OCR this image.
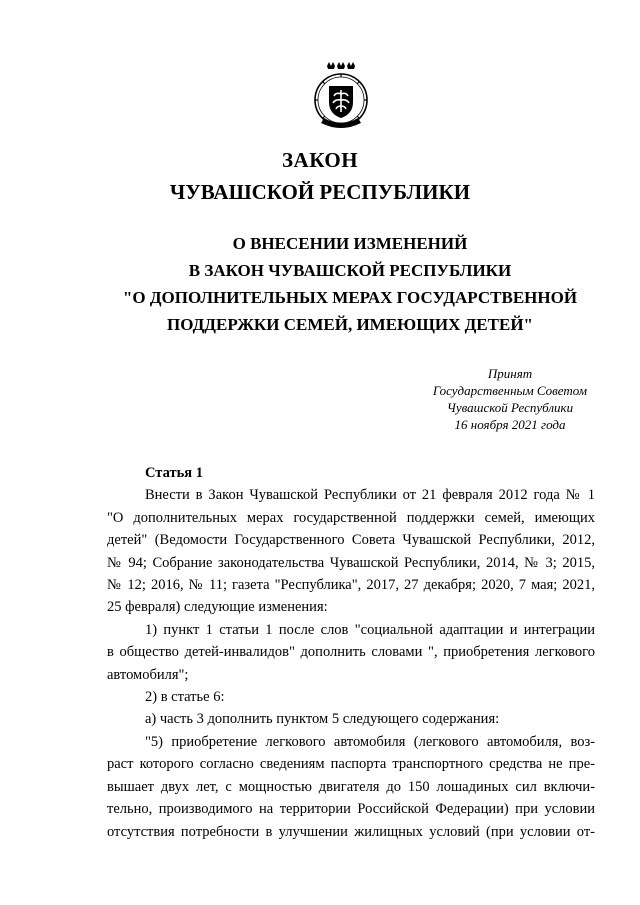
ЗАКОН
ЧУВАШСКОЙ РЕСПУБЛИКИ
О ВНЕСЕНИИ ИЗМЕНЕНИЙ
В ЗАКОН ЧУВАШСКОЙ РЕСПУБЛИКИ
"О ДОПОЛНИТЕЛЬНЫХ МЕРАХ ГОСУДАРСТВЕННОЙ
ПОДДЕРЖКИ СЕМЕЙ, ИМЕЮЩИХ ДЕТЕЙ"
Принят
Государственным Советом
Чувашской Республики
16 ноября 2021 года
Статья 1
Внести в Закон Чувашской Республики от 21 февраля 2012 года № 1
"О дополнительных мерах государственной поддержки семей, имеющих
детей" (Ведомости Государственного Совета Чувашской Республики, 2012,
№ 94; Собрание законодательства Чувашской Республики, 2014, № 3; 2015,
№ 12; 2016, № 11; газета "Республика", 2017, 27 декабря; 2020, 7 мая; 2021,
25 февраля) следующие изменения:
1) пункт 1 статьи 1 после слов "социальной адаптации и интеграции
в общество детей-инвалидов" дополнить словами ", приобретения легкового
автомобиля";
2) в статье 6:
а) часть 3 дополнить пунктом 5 следующего содержания:
"5) приобретение легкового автомобиля (легкового автомобиля, воз-
раст которого согласно сведениям паспорта транспортного средства не пре-
вышает двух лет, с мощностью двигателя до 150 лошадиных сил включи-
тельно, производимого на территории Российской Федерации) при условии
отсутствия потребности в улучшении жилищных условий (при условии от-
